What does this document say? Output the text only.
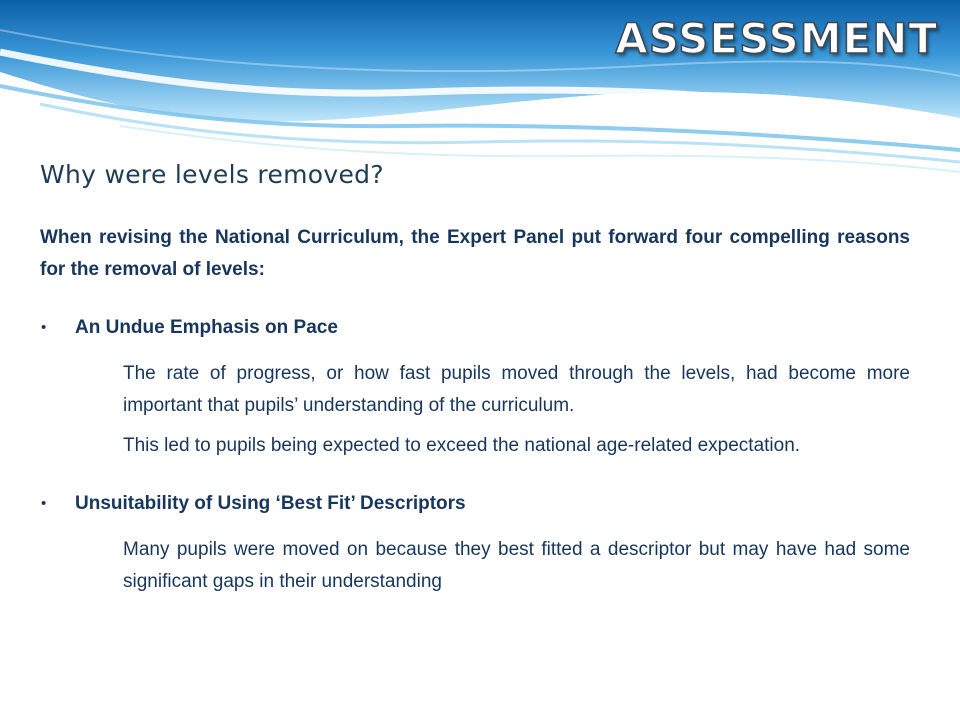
ASSESSMENT
Why were levels removed?

When revising the National Curriculum, the Expert Panel put forward four compelling reasons for the removal of levels:

• An Undue Emphasis on Pace

The rate of progress, or how fast pupils moved through the levels, had become more important that pupils’ understanding of the curriculum.

This led to pupils being expected to exceed the national age-related expectation.

• Unsuitability of Using ‘Best Fit’ Descriptors

Many pupils were moved on because they best fitted a descriptor but may have had some significant gaps in their understanding
